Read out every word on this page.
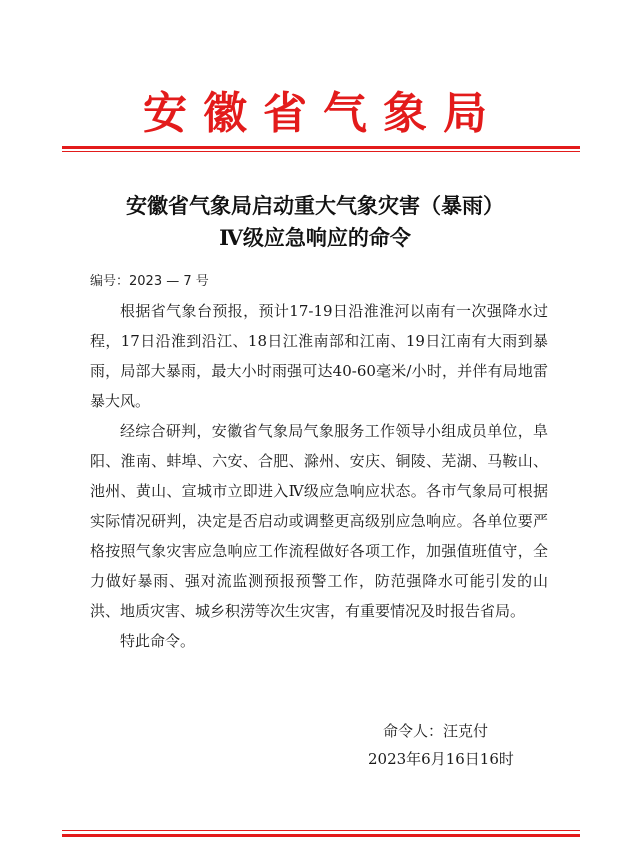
安徽省气象局
安徽省气象局启动重大气象灾害（暴雨）
Ⅳ级应急响应的命令
编号：2023 — 7 号

根据省气象台预报，预计17-19日沿淮淮河以南有一次强降水过程，17日沿淮到沿江、18日江淮南部和江南、19日江南有大雨到暴雨，局部大暴雨，最大小时雨强可达40-60毫米/小时，并伴有局地雷暴大风。

经综合研判，安徽省气象局气象服务工作领导小组成员单位，阜阳、淮南、蚌埠、六安、合肥、滁州、安庆、铜陵、芜湖、马鞍山、池州、黄山、宣城市立即进入Ⅳ级应急响应状态。各市气象局可根据实际情况研判，决定是否启动或调整更高级别应急响应。各单位要严格按照气象灾害应急响应工作流程做好各项工作，加强值班值守，全力做好暴雨、强对流监测预报预警工作，防范强降水可能引发的山洪、地质灾害、城乡积涝等次生灾害，有重要情况及时报告省局。

特此命令。

命令人：汪克付
2023年6月16日16时
